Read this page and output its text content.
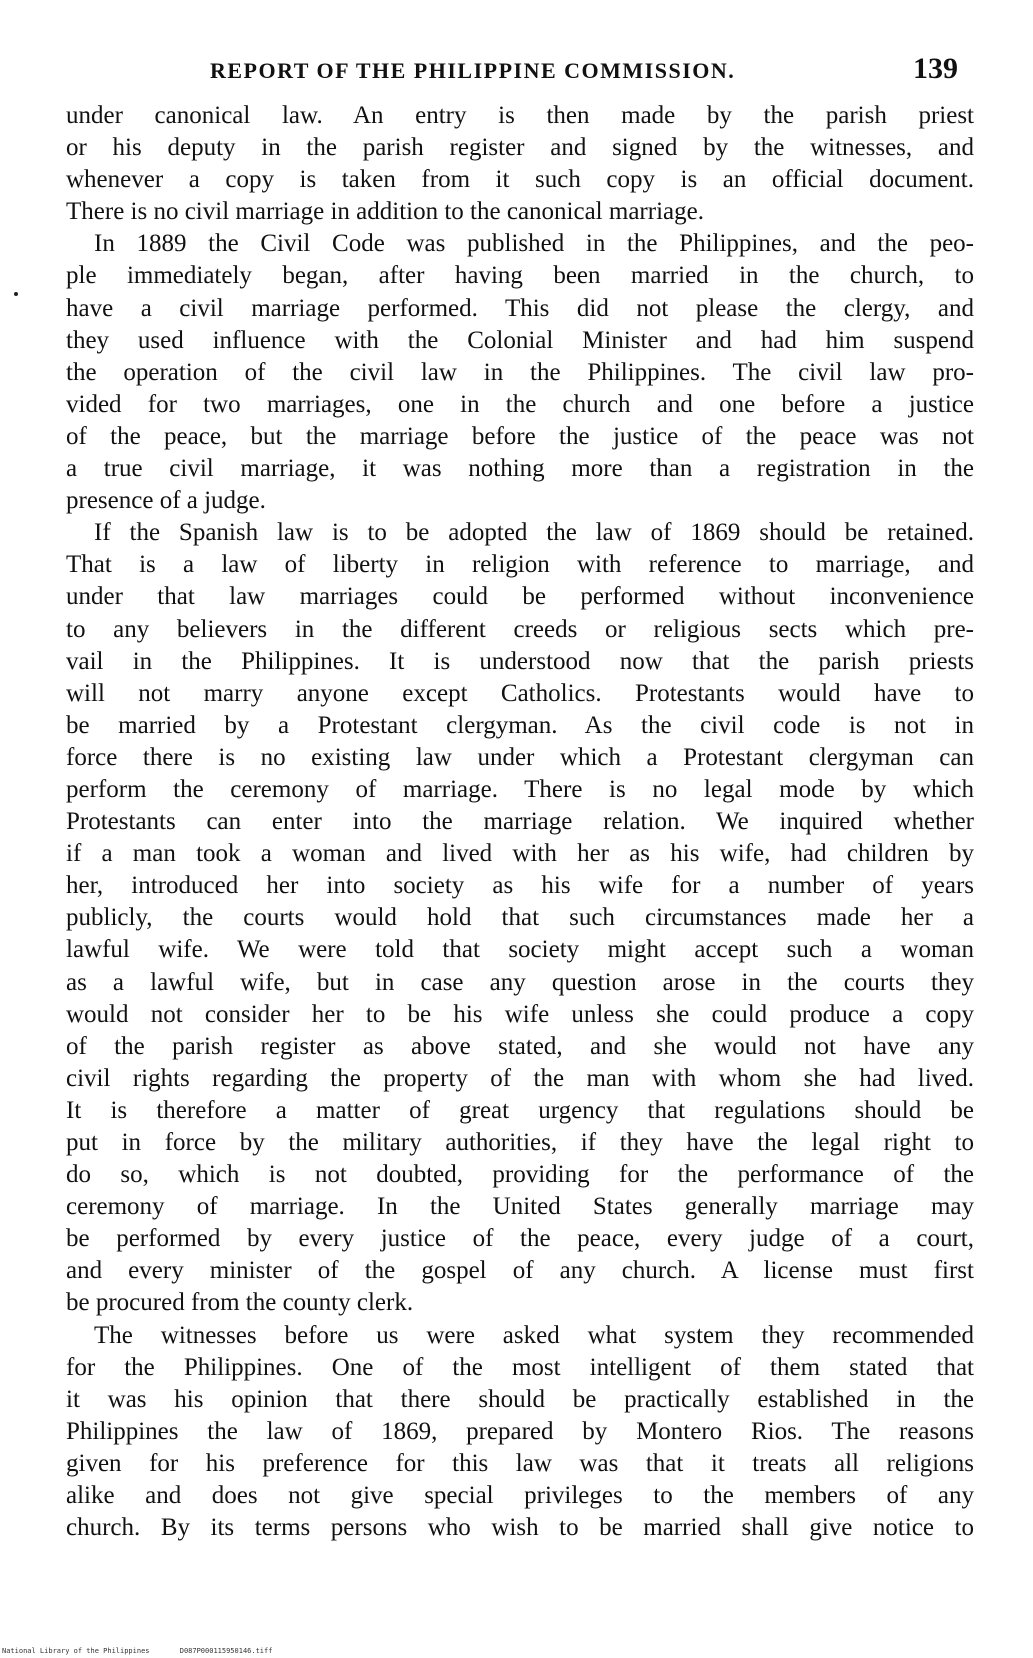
REPORT OF THE PHILIPPINE COMMISSION.	139
under canonical law. An entry is then made by the parish priest
or his deputy in the parish register and signed by the witnesses, and
whenever a copy is taken from it such copy is an official document.
There is no civil marriage in addition to the canonical marriage.
In 1889 the Civil Code was published in the Philippines, and the peo-
ple immediately began, after having been married in the church, to
have a civil marriage performed. This did not please the clergy, and
they used influence with the Colonial Minister and had him suspend
the operation of the civil law in the Philippines. The civil law pro-
vided for two marriages, one in the church and one before a justice
of the peace, but the marriage before the justice of the peace was not
a true civil marriage, it was nothing more than a registration in the
presence of a judge.
If the Spanish law is to be adopted the law of 1869 should be retained.
That is a law of liberty in religion with reference to marriage, and
under that law marriages could be performed without inconvenience
to any believers in the different creeds or religious sects which pre-
vail in the Philippines. It is understood now that the parish priests
will not marry anyone except Catholics. Protestants would have to
be married by a Protestant clergyman. As the civil code is not in
force there is no existing law under which a Protestant clergyman can
perform the ceremony of marriage. There is no legal mode by which
Protestants can enter into the marriage relation. We inquired whether
if a man took a woman and lived with her as his wife, had children by
her, introduced her into society as his wife for a number of years
publicly, the courts would hold that such circumstances made her a
lawful wife. We were told that society might accept such a woman
as a lawful wife, but in case any question arose in the courts they
would not consider her to be his wife unless she could produce a copy
of the parish register as above stated, and she would not have any
civil rights regarding the property of the man with whom she had lived.
It is therefore a matter of great urgency that regulations should be
put in force by the military authorities, if they have the legal right to
do so, which is not doubted, providing for the performance of the
ceremony of marriage. In the United States generally marriage may
be performed by every justice of the peace, every judge of a court,
and every minister of the gospel of any church. A license must first
be procured from the county clerk.
The witnesses before us were asked what system they recommended
for the Philippines. One of the most intelligent of them stated that
it was his opinion that there should be practically established in the
Philippines the law of 1869, prepared by Montero Rios. The reasons
given for his preference for this law was that it treats all religions
alike and does not give special privileges to the members of any
church. By its terms persons who wish to be married shall give notice to
National Library of the Philippines	D087P000115950146.tiff
